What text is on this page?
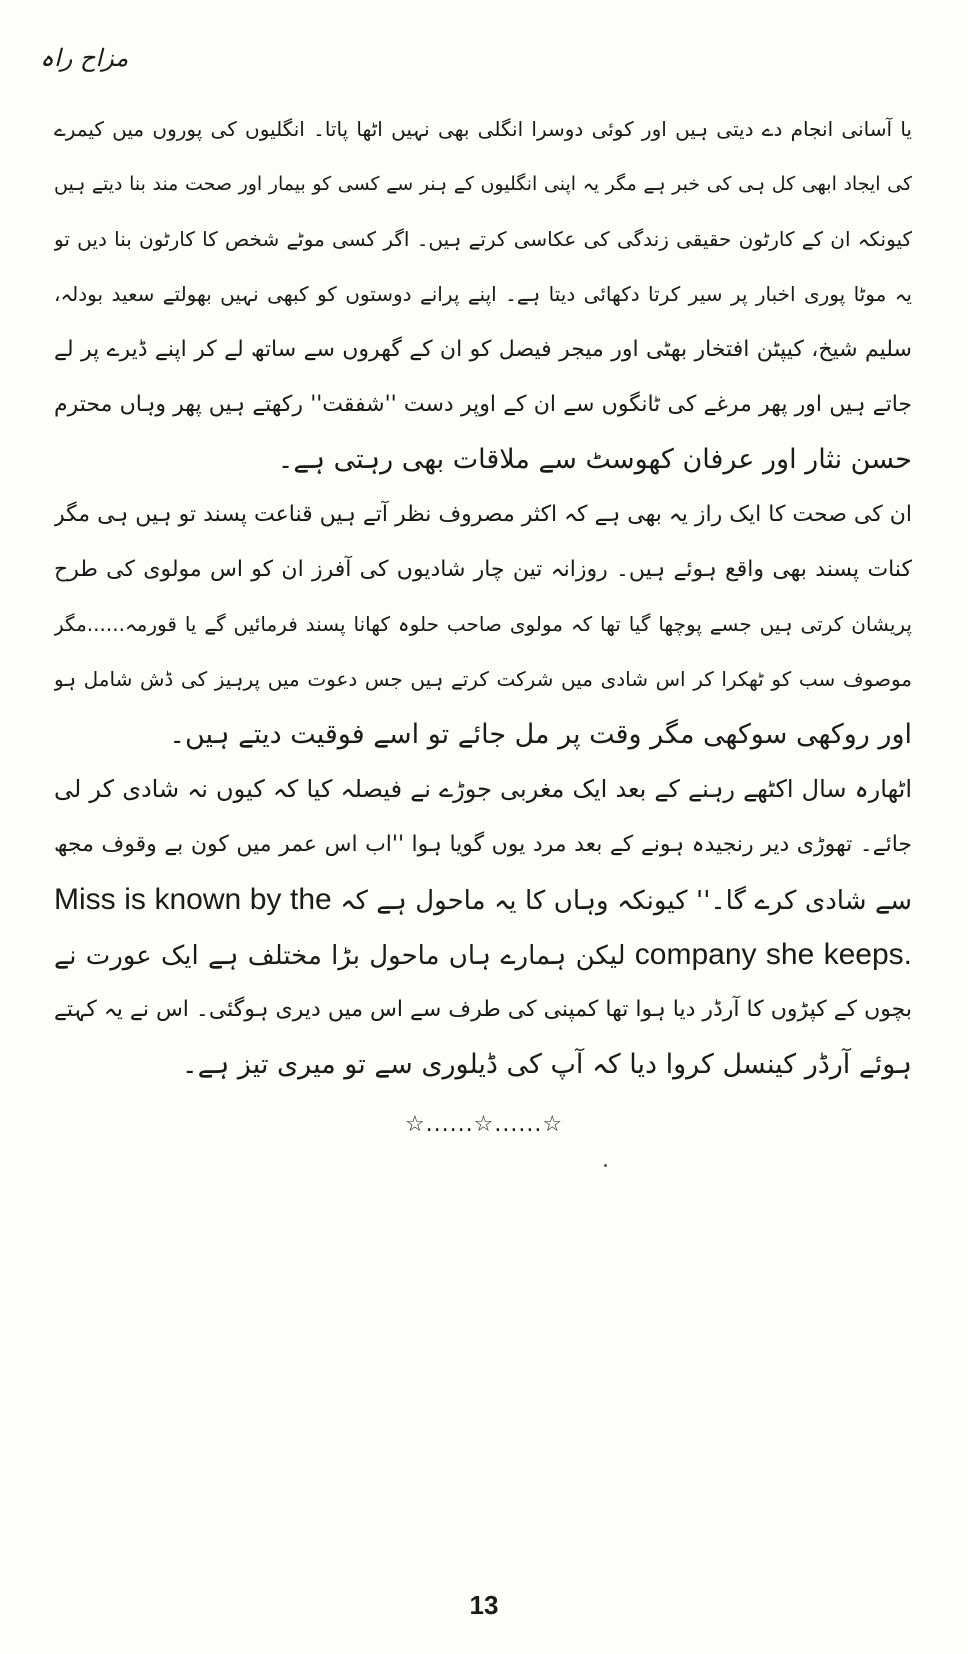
مزاح راہ
یا آسانی انجام دے دیتی ہیں اور کوئی دوسرا انگلی بھی نہیں اٹھا پاتا۔ انگلیوں کی پوروں میں کیمرے
کی ایجاد ابھی کل ہی کی خبر ہے مگر یہ اپنی انگلیوں کے ہنر سے کسی کو بیمار اور صحت مند بنا دیتے ہیں
کیونکہ ان کے کارٹون حقیقی زندگی کی عکاسی کرتے ہیں۔ اگر کسی موٹے شخص کا کارٹون بنا دیں تو
یہ موٹا پوری اخبار پر سیر کرتا دکھائی دیتا ہے۔ اپنے پرانے دوستوں کو کبھی نہیں بھولتے سعید بودلہ،
سلیم شیخ، کیپٹن افتخار بھٹی اور میجر فیصل کو ان کے گھروں سے ساتھ لے کر اپنے ڈیرے پر لے
جاتے ہیں اور پھر مرغے کی ٹانگوں سے ان کے اوپر دست ''شفقت'' رکھتے ہیں پھر وہاں محترم
حسن نثار اور عرفان کھوسٹ سے ملاقات بھی رہتی ہے۔
ان کی صحت کا ایک راز یہ بھی ہے کہ اکثر مصروف نظر آتے ہیں قناعت پسند تو ہیں ہی مگر
کنات پسند بھی واقع ہوئے ہیں۔ روزانہ تین چار شادیوں کی آفرز ان کو اس مولوی کی طرح
پریشان کرتی ہیں جسے پوچھا گیا تھا کہ مولوی صاحب حلوہ کھانا پسند فرمائیں گے یا قورمہ......مگر
موصوف سب کو ٹھکرا کر اس شادی میں شرکت کرتے ہیں جس دعوت میں پرہیز کی ڈش شامل ہو
اور روکھی سوکھی مگر وقت پر مل جائے تو اسے فوقیت دیتے ہیں۔
اٹھارہ سال اکٹھے رہنے کے بعد ایک مغربی جوڑے نے فیصلہ کیا کہ کیوں نہ شادی کر لی
جائے۔ تھوڑی دیر رنجیدہ ہونے کے بعد مرد یوں گویا ہوا ''اب اس عمر میں کون بے وقوف مجھ
سے شادی کرے گا۔'' کیونکہ وہاں کا یہ ماحول ہے کہ Miss is known by the
company she keeps. لیکن ہمارے ہاں ماحول بڑا مختلف ہے ایک عورت نے
بچوں کے کپڑوں کا آرڈر دیا ہوا تھا کمپنی کی طرف سے اس میں دیری ہوگئی۔ اس نے یہ کہتے
ہوئے آرڈر کینسل کروا دیا کہ آپ کی ڈیلوری سے تو میری تیز ہے۔
☆......☆......☆
13
